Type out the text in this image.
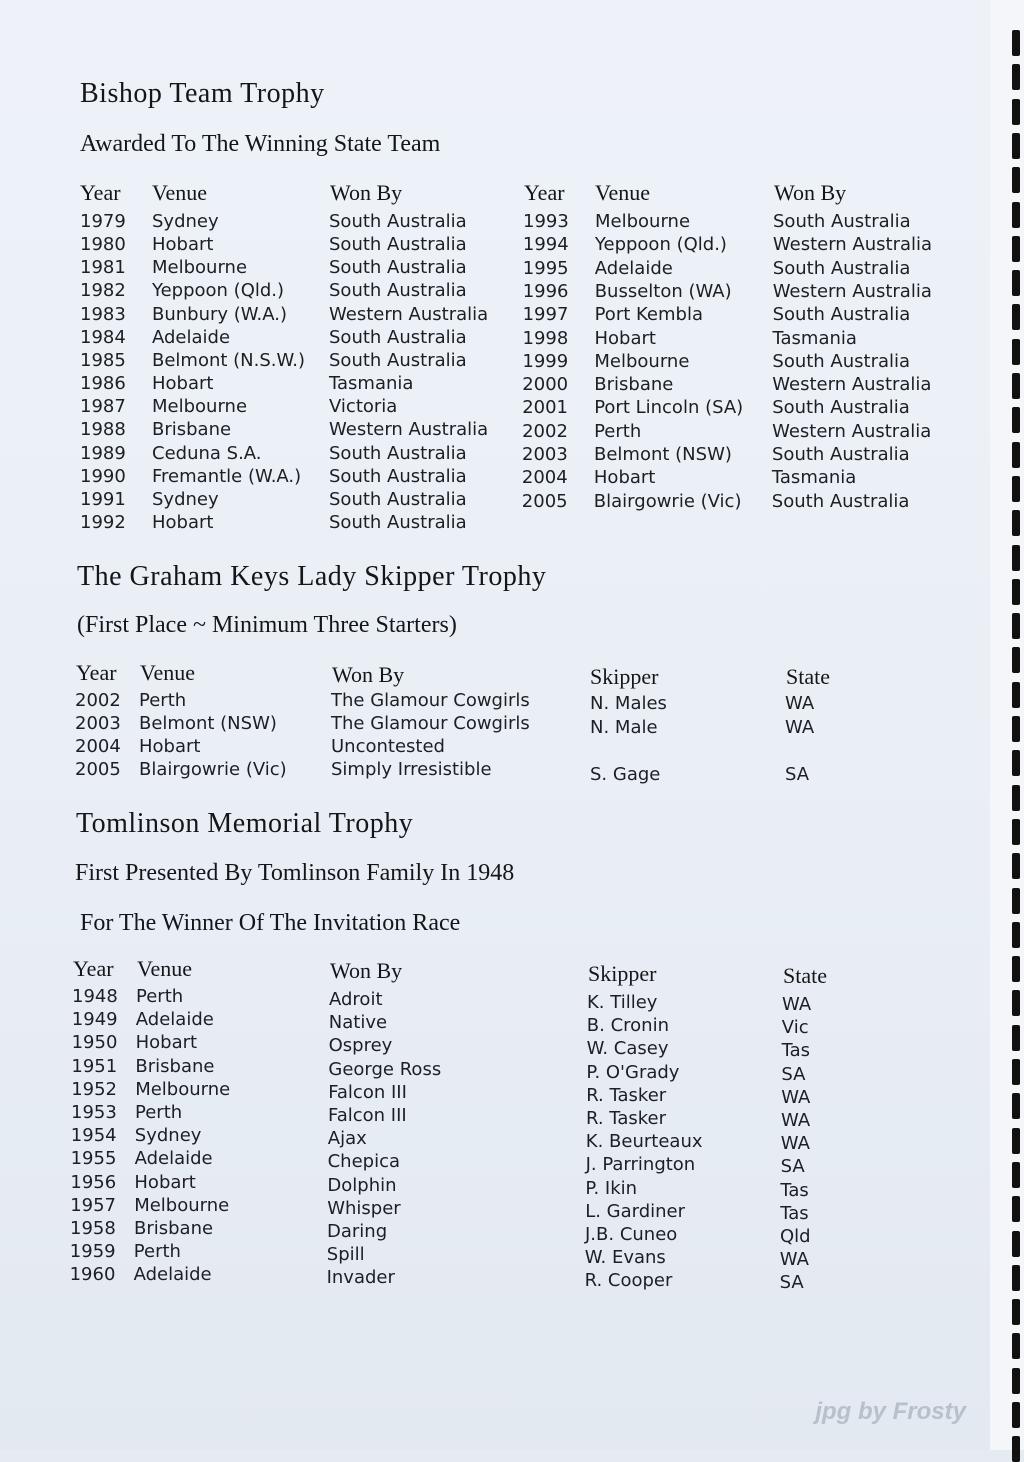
Bishop Team Trophy
Awarded To The Winning State Team
Year Venue	Won By	Year Venue	Won By
1979 Sydney	South Australia
1980 Hobart	South Australia
1981 Melbourne	South Australia
1982 Yeppoon (Qld.) South Australia
1983 Bunbury (W.A.) Western Australia
1984 Adelaide	South Australia
1985 Belmont (N.S.W.) South Australia
1986 Hobart	Tasmania
1987 Melbourne	Victoria
1988 Brisbane	Western Australia
1989 Ceduna S.A.	South Australia
1990 Fremantle (W.A.) South Australia
1991 Sydney	South Australia
1992 Hobart	South Australia
1993 Melbourne	South Australia
1994 Yeppoon (Qld.)	Western Australia
1995 Adelaide	South Australia
1996 Busselton (WA) Western Australia
1997 Port Kembla	South Australia
1998 Hobart	Tasmania
1999 Melbourne	South Australia
2000 Brisbane	Western Australia
2001 Port Lincoln (SA) South Australia
2002 Perth	Western Australia
2003 Belmont (NSW) South Australia
2004 Hobart	Tasmania
2005 Blairgowrie (Vic) South Australia
The Graham Keys Lady Skipper Trophy
(First Place ~ Minimum Three Starters)
Year Venue	Won By	Skipper	State
2002 Perth	The Glamour Cowgirls	N. Males	WA
2003 Belmont (NSW)	The Glamour Cowgirls	N. Male	WA
2004 Hobart	Uncontested
2005 Blairgowrie (Vic) Simply Irresistible	S. Gage	SA
Tomlinson Memorial Trophy
First Presented By Tomlinson Family In 1948
For The Winner Of The Invitation Race
Year Venue	Won By	Skipper	State
1948 Perth	Adroit	K. Tilley	WA
1949 Adelaide	Native	B. Cronin	Vic
1950 Hobart	Osprey	W. Casey	Tas
1951 Brisbane	George Ross	P. O'Grady	SA
1952 Melbourne	Falcon III	R. Tasker	WA
1953 Perth	Falcon III	R. Tasker	WA
1954 Sydney	Ajax	K. Beurteaux	WA
1955 Adelaide	Chepica	J. Parrington	SA
1956 Hobart	Dolphin	P. Ikin	Tas
1957 Melbourne	Whisper	L. Gardiner	Tas
1958 Brisbane	Daring	J.B. Cuneo	Qld
1959 Perth	Spill	W. Evans	WA
1960 Adelaide	Invader	R. Cooper	SA
jpg by Frosty
